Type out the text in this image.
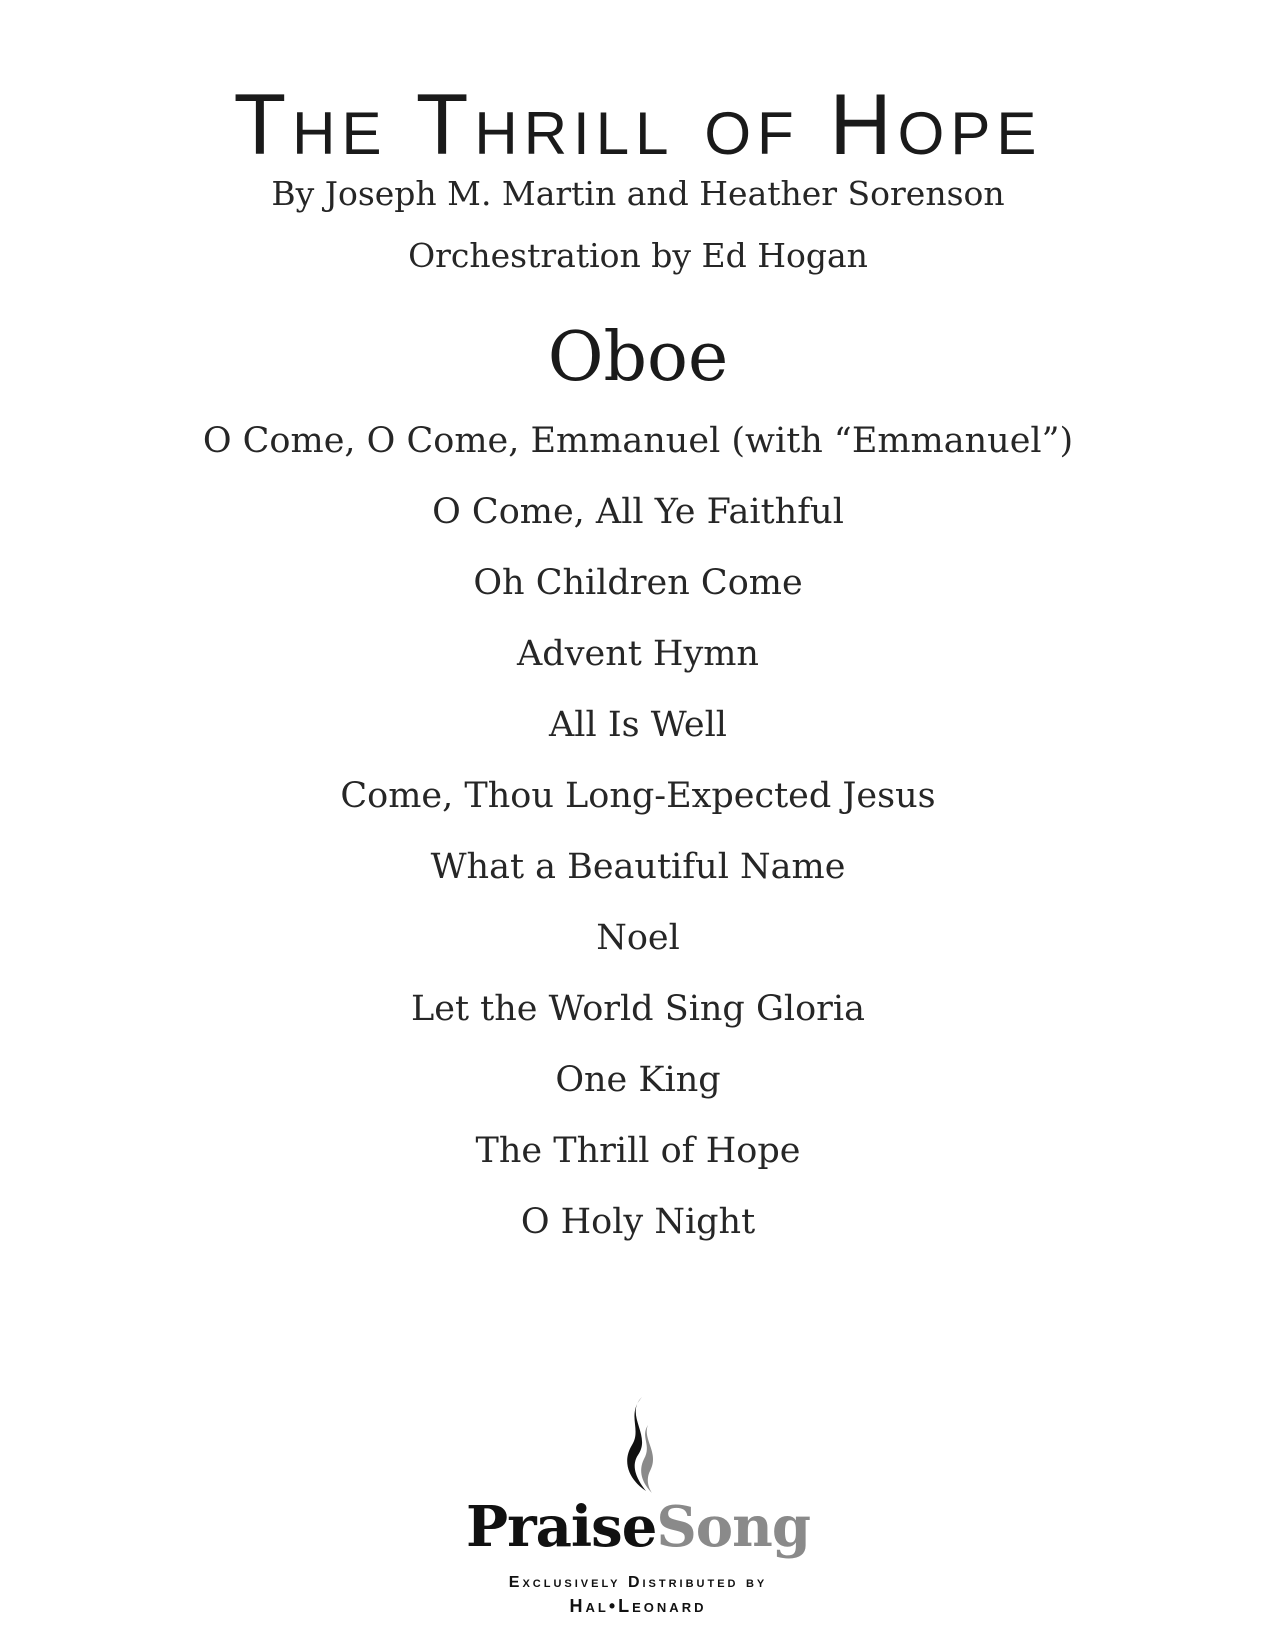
The Thrill of Hope
By Joseph M. Martin and Heather Sorenson
Orchestration by Ed Hogan
Oboe
O Come, O Come, Emmanuel (with “Emmanuel”)
O Come, All Ye Faithful
Oh Children Come
Advent Hymn
All Is Well
Come, Thou Long-Expected Jesus
What a Beautiful Name
Noel
Let the World Sing Gloria
One King
The Thrill of Hope
O Holy Night
PraiseSong
Exclusively Distributed by
Hal•Leonard
